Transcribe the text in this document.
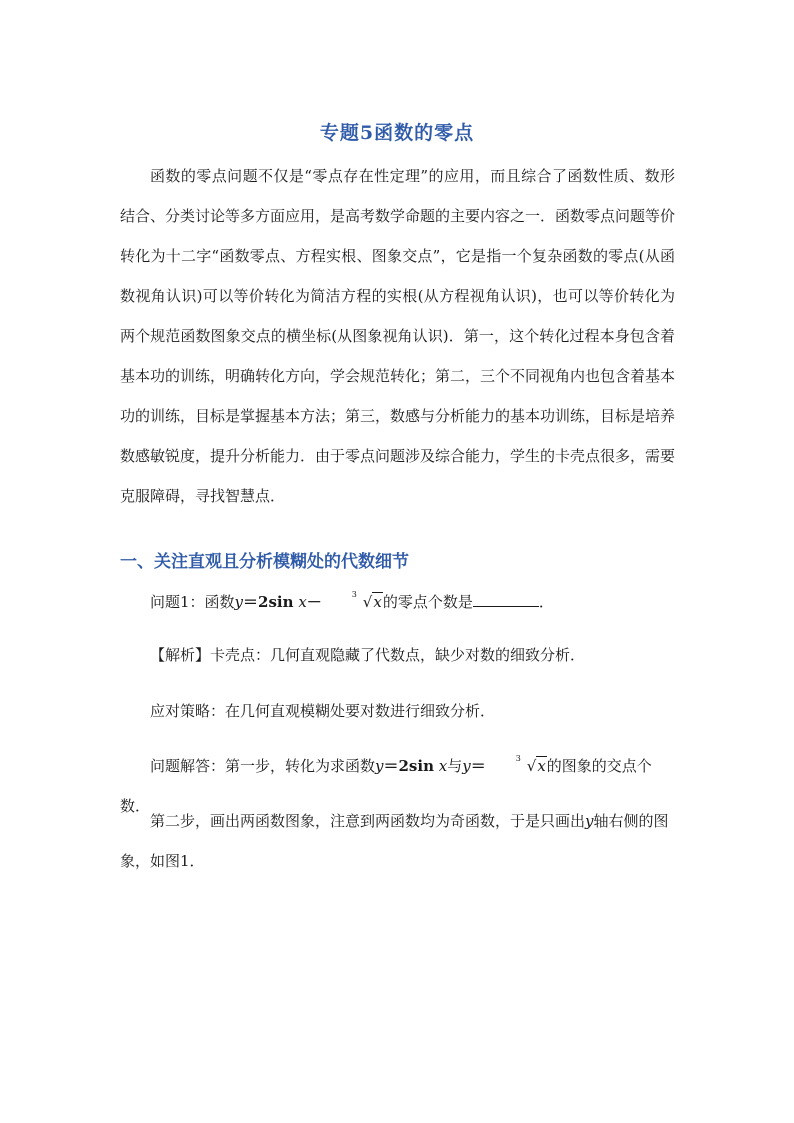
专题5函数的零点
函数的零点问题不仅是“零点存在性定理”的应用，而且综合了函数性质、数形结合、分类讨论等多方面应用，是高考数学命题的主要内容之一．函数零点问题等价转化为十二字“函数零点、方程实根、图象交点”，它是指一个复杂函数的零点(从函数视角认识)可以等价转化为简洁方程的实根(从方程视角认识)，也可以等价转化为两个规范函数图象交点的横坐标(从图象视角认识)．第一，这个转化过程本身包含着基本功的训练，明确转化方向，学会规范转化；第二，三个不同视角内也包含着基本功的训练，目标是掌握基本方法；第三，数感与分析能力的基本功训练，目标是培养数感敏锐度，提升分析能力．由于零点问题涉及综合能力，学生的卡壳点很多，需要克服障碍，寻找智慧点．
一、关注直观且分析模糊处的代数细节
问题1：函数y＝2sin x－	3 √x的零点个数是	．
【解析】卡壳点：几何直观隐藏了代数点，缺少对数的细致分析．
应对策略：在几何直观模糊处要对数进行细致分析．
问题解答：第一步，转化为求函数y＝2sin x与y＝	3 √x的图象的交点个数．
第二步，画出两函数图象，注意到两函数均为奇函数，于是只画出y轴右侧的图象，如图1．
